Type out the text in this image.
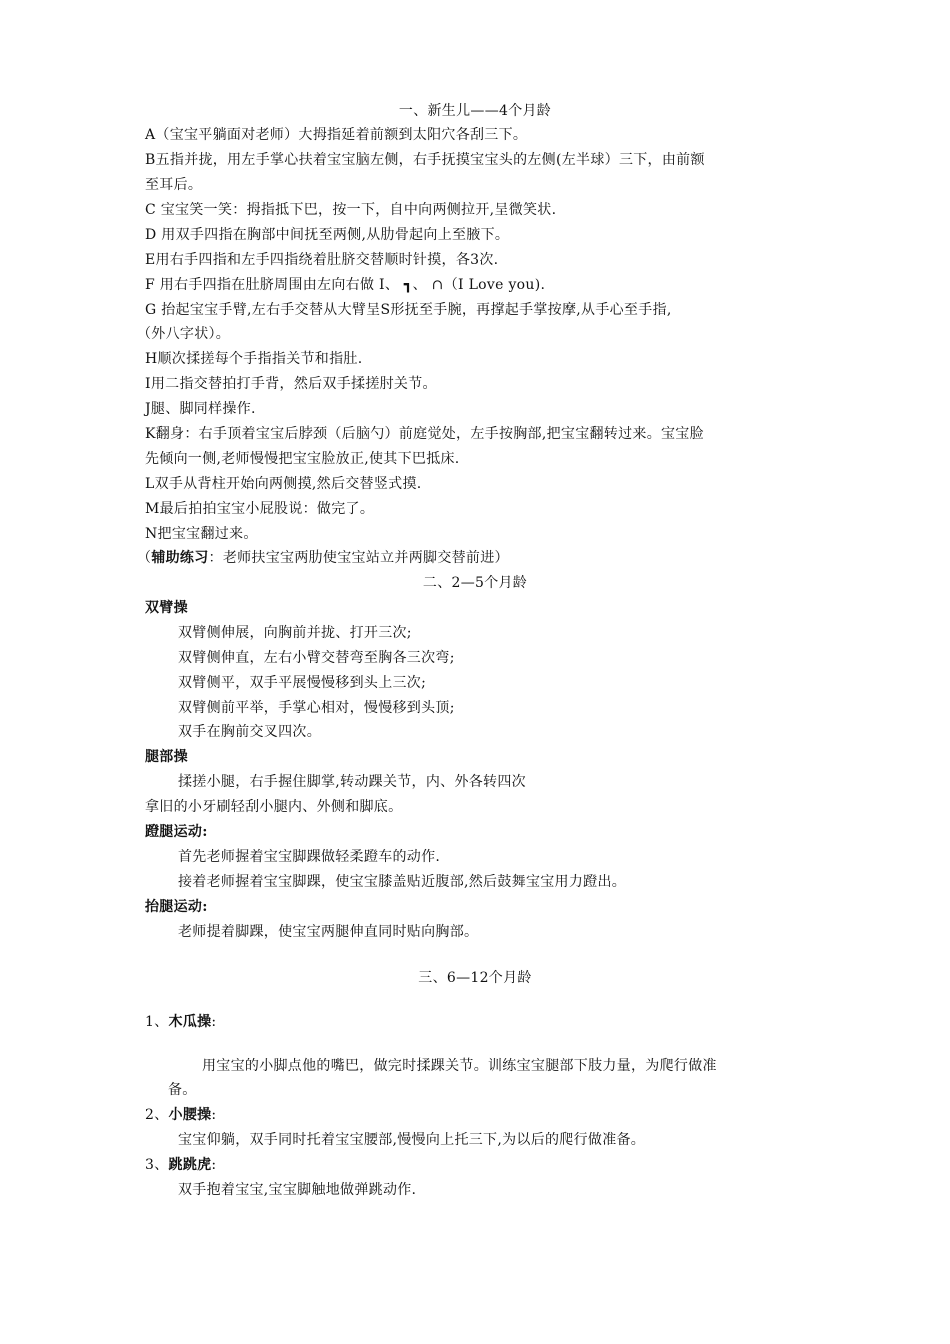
一、新生儿——4个月龄
A（宝宝平躺面对老师）大拇指延着前额到太阳穴各刮三下。
B五指并拢，用左手掌心扶着宝宝脑左侧，右手抚摸宝宝头的左侧(左半球）三下，由前额
至耳后。
C 宝宝笑一笑：拇指抵下巴，按一下，自中向两侧拉开,呈微笑状.
D 用双手四指在胸部中间抚至两侧,从肋骨起向上至腋下。
E用右手四指和左手四指绕着肚脐交替顺时针摸，各3次.
F 用右手四指在肚脐周围由左向右做 I、 ┓、 ∩（I Love you).
G 抬起宝宝手臂,左右手交替从大臂呈S形抚至手腕，再撑起手掌按摩,从手心至手指,
（外八字状）。
H顺次揉搓每个手指指关节和指肚.
I用二指交替拍打手背，然后双手揉搓肘关节。
J腿、脚同样操作.
K翻身：右手顶着宝宝后脖颈（后脑勺）前庭觉处，左手按胸部,把宝宝翻转过来。宝宝脸
先倾向一侧,老师慢慢把宝宝脸放正,使其下巴抵床.
L双手从背柱开始向两侧摸,然后交替竖式摸.
M最后拍拍宝宝小屁股说：做完了。
N把宝宝翻过来。
（辅助练习：老师扶宝宝两肋使宝宝站立并两脚交替前进）
二、2—5个月龄
双臂操
双臂侧伸展，向胸前并拢、打开三次;
双臂侧伸直，左右小臂交替弯至胸各三次弯;
双臂侧平，双手平展慢慢移到头上三次;
双臂侧前平举，手掌心相对，慢慢移到头顶;
双手在胸前交叉四次。
腿部操
揉搓小腿，右手握住脚掌,转动踝关节，内、外各转四次
拿旧的小牙刷轻刮小腿内、外侧和脚底。
蹬腿运动:
首先老师握着宝宝脚踝做轻柔蹬车的动作.
接着老师握着宝宝脚踝，使宝宝膝盖贴近腹部,然后鼓舞宝宝用力蹬出。
抬腿运动:
老师提着脚踝，使宝宝两腿伸直同时贴向胸部。
三、6—12个月龄
1、木瓜操:
用宝宝的小脚点他的嘴巴，做完时揉踝关节。训练宝宝腿部下肢力量，为爬行做准
备。
2、小腰操:
宝宝仰躺，双手同时托着宝宝腰部,慢慢向上托三下,为以后的爬行做准备。
3、跳跳虎:
双手抱着宝宝,宝宝脚触地做弹跳动作.
